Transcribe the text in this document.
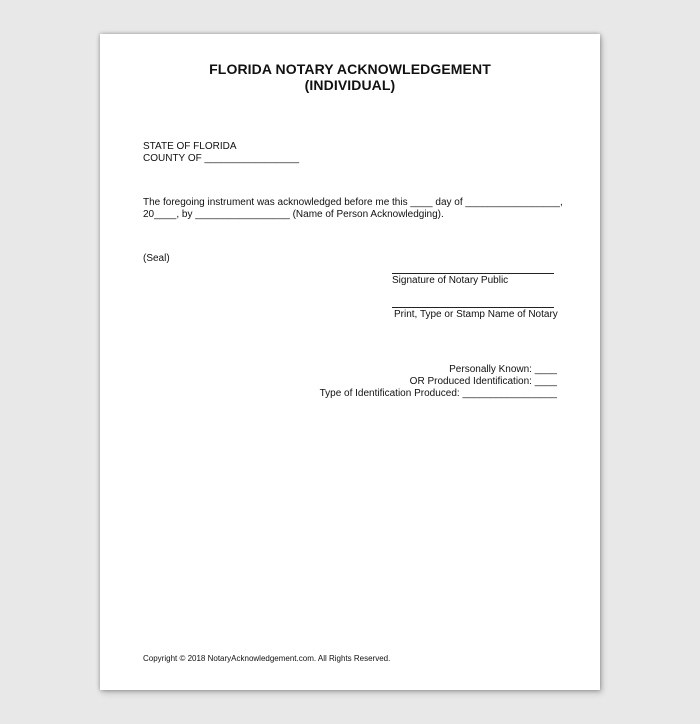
FLORIDA NOTARY ACKNOWLEDGEMENT
(INDIVIDUAL)
STATE OF FLORIDA
COUNTY OF _________________
The foregoing instrument was acknowledged before me this ____ day of _________________,
20____, by _________________ (Name of Person Acknowledging).
(Seal)
Signature of Notary Public
Print, Type or Stamp Name of Notary
Personally Known: ____
OR Produced Identification: ____
Type of Identification Produced: _________________
Copyright © 2018 NotaryAcknowledgement.com. All Rights Reserved.
